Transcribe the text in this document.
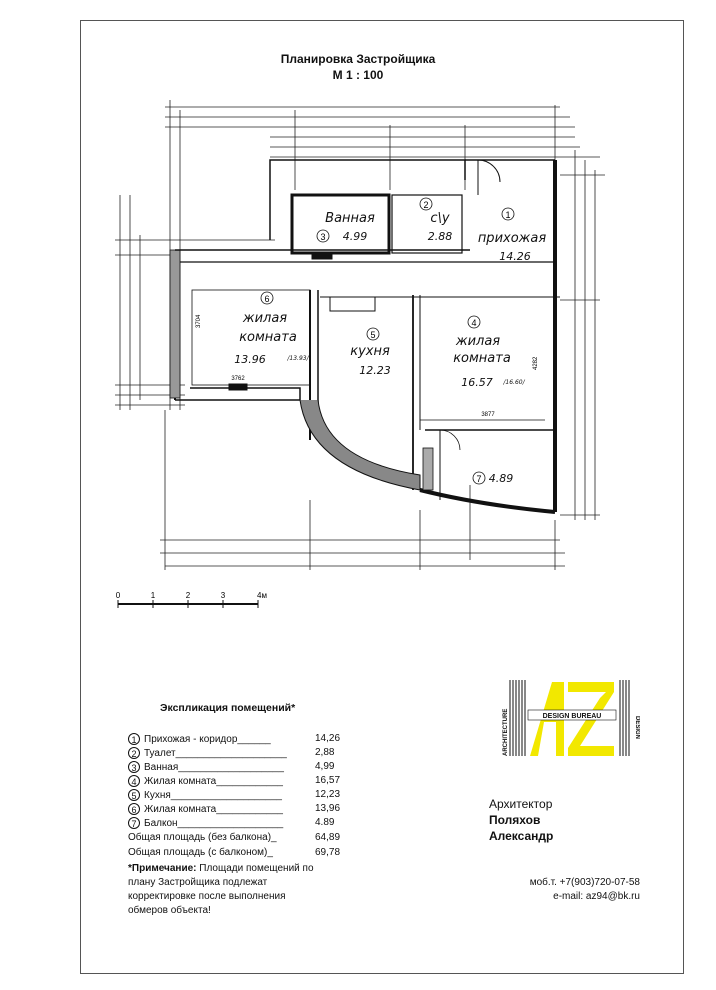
Планировка Застройщика
М 1 : 100
Ванная
3 4.99
2
с\у
2.88
1
прихожая
14.26
6
жилая
комната
13.96	/13.93/
5
кухня
12.23
4
жилая
комната
16.57 /16.60/
7 4.89
3704
3762
4282
3877
0	1	2	3	4м
Экспликация помещений*
1 Прихожая - коридор______	14,26
2 Туалет____________________	2,88
3 Ванная___________________	4,99
4 Жилая комната____________	16,57
5 Кухня____________________	12,23
6 Жилая комната____________	13,96
7 Балкон___________________	4.89
Общая площадь (без балкона)_	64,89
Общая площадь (с балконом)_	69,78
*Примечание: Площади помещений по плану Застройщика подлежат корректировке после выполнения обмеров объекта!
DESIGN BUREAU
ARCHITECTURE	DESIGN
Архитектор
Поляхов
Александр
моб.т. +7(903)720-07-58
e-mail: az94@bk.ru
